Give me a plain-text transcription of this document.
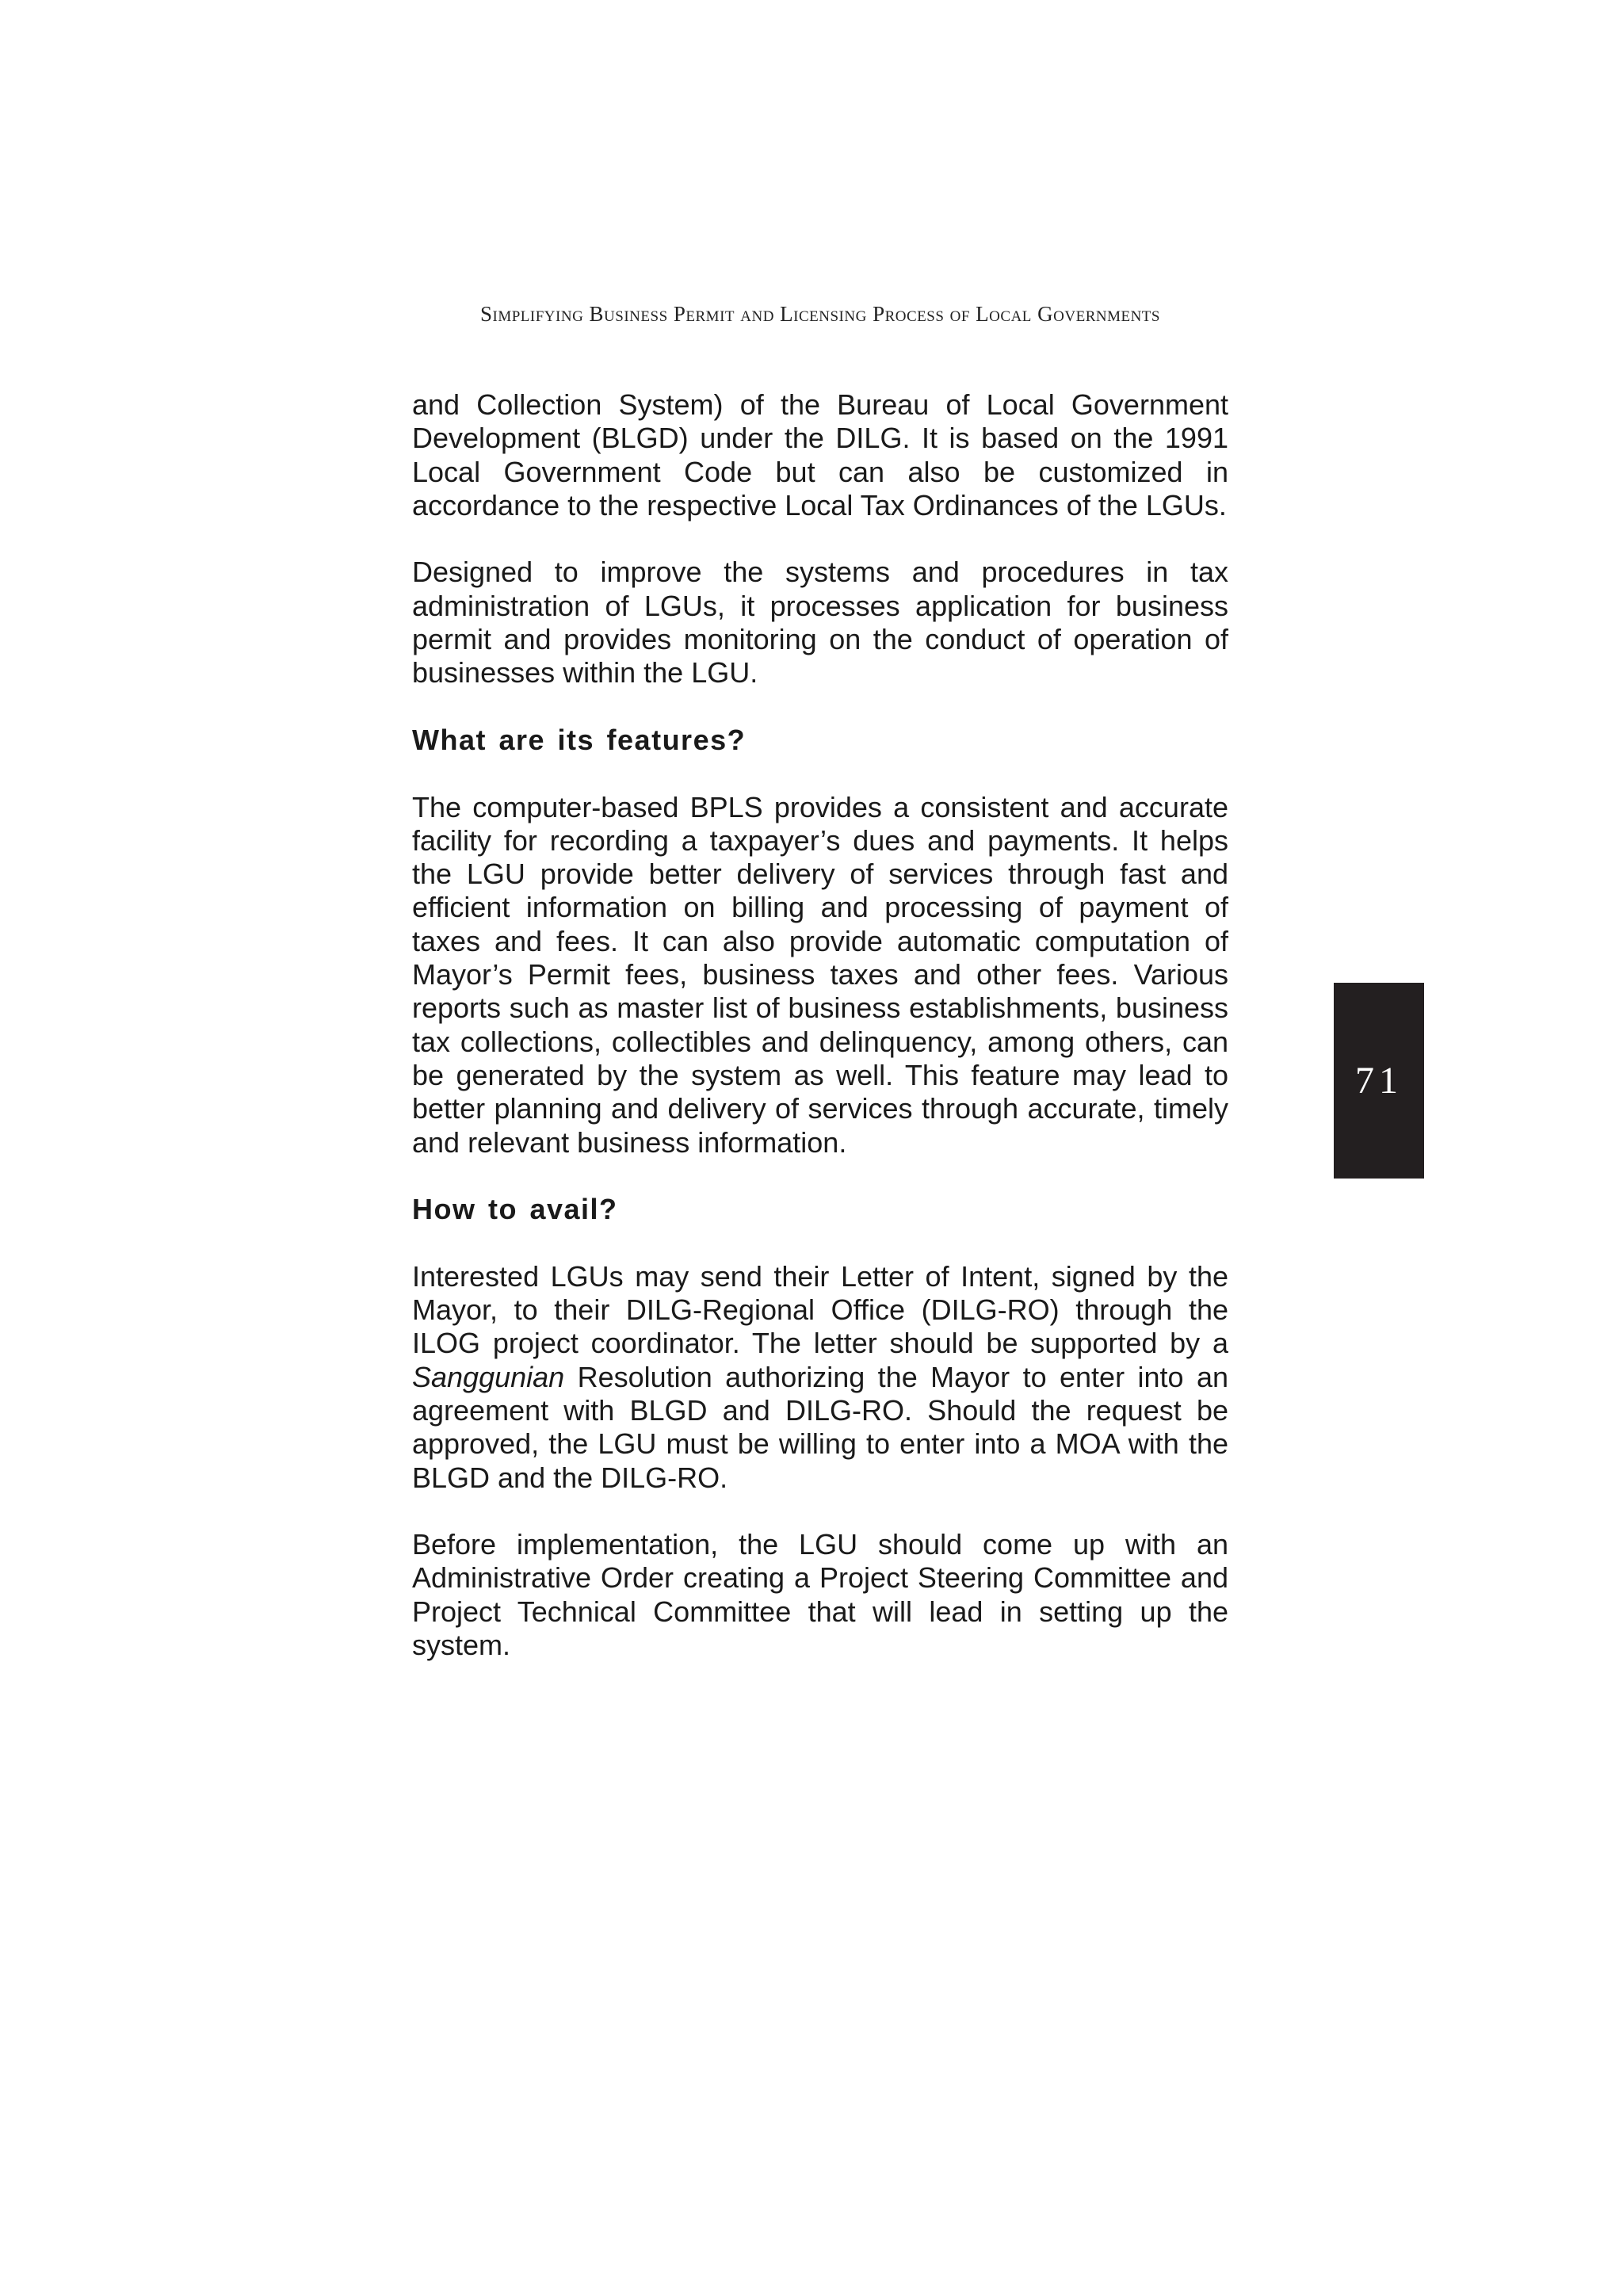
Simplifying Business Permit and Licensing Process of Local Governments

and Collection System) of the Bureau of Local Government Development (BLGD) under the DILG. It is based on the 1991 Local Government Code but can also be customized in accordance to the respective Local Tax Ordinances of the LGUs.

Designed to improve the systems and procedures in tax administration of LGUs, it processes application for business permit and provides monitoring on the conduct of operation of businesses within the LGU.

What are its features?

The computer-based BPLS provides a consistent and accurate facility for recording a taxpayer’s dues and payments. It helps the LGU provide better delivery of services through fast and efficient information on billing and processing of payment of taxes and fees. It can also provide automatic computation of Mayor’s Permit fees, business taxes and other fees. Various reports such as master list of business establishments, business tax collections, collectibles and delinquency, among others, can be generated by the system as well. This feature may lead to better planning and delivery of services through accurate, timely and relevant business information.

How to avail?

Interested LGUs may send their Letter of Intent, signed by the Mayor, to their DILG-Regional Office (DILG-RO) through the ILOG project coordinator. The letter should be supported by a Sanggunian Resolution authorizing the Mayor to enter into an agreement with BLGD and DILG-RO. Should the request be approved, the LGU must be willing to enter into a MOA with the BLGD and the DILG-RO.

Before implementation, the LGU should come up with an Administrative Order creating a Project Steering Committee and Project Technical Committee that will lead in setting up the system.

71
